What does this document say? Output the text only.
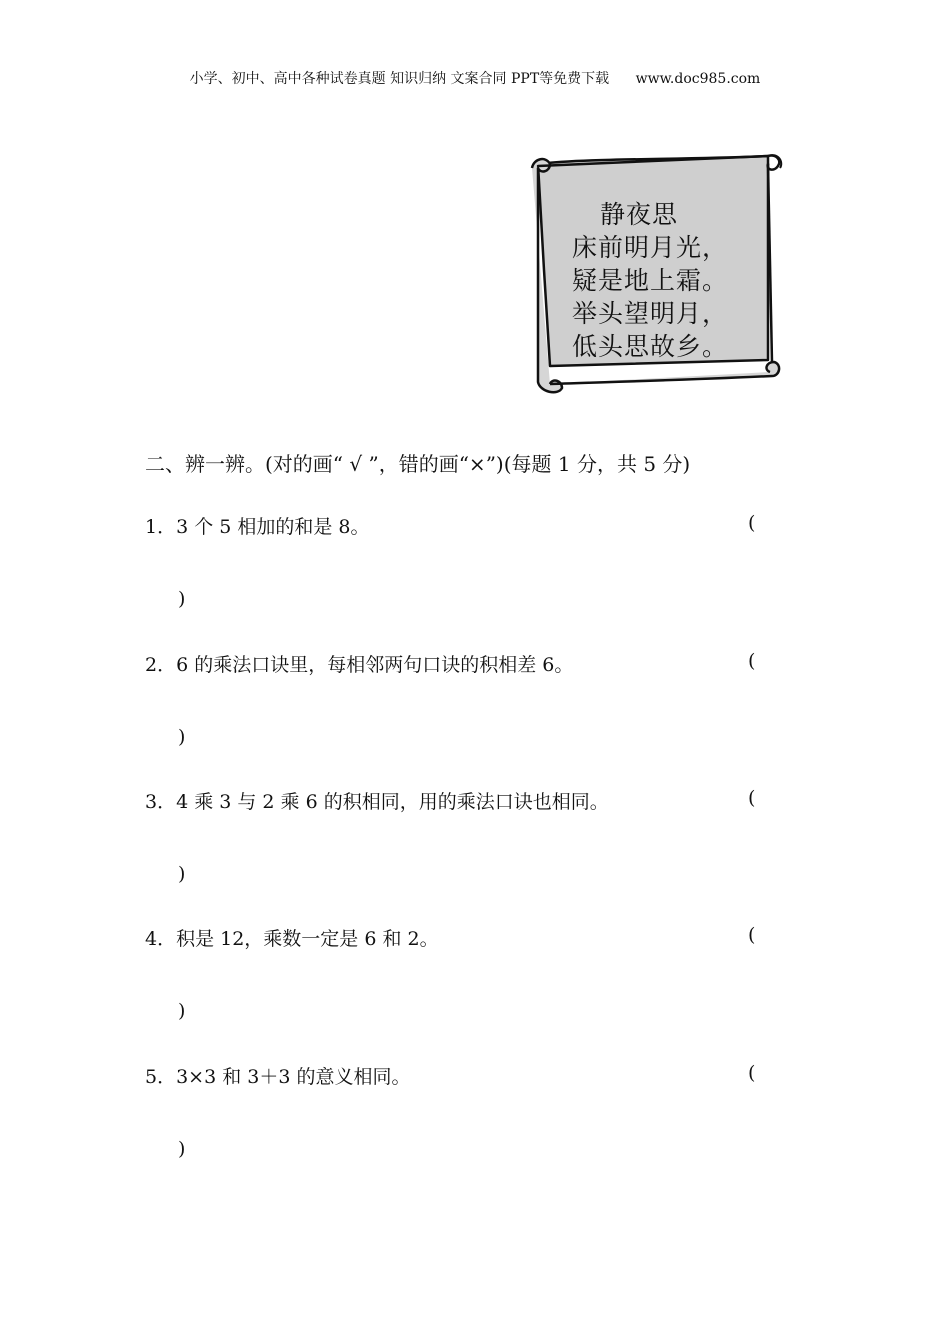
小学、初中、高中各种试卷真题 知识归纳 文案合同 PPT等免费下载 www.doc985.com
静夜思
床前明月光，
疑是地上霜。
举头望明月，
低头思故乡。
二、辨一辨。(对的画“ √ ”，错的画“×”)(每题 1 分，共 5 分)
1．3 个 5 相加的和是 8。	(
)
2．6 的乘法口诀里，每相邻两句口诀的积相差 6。	(
)
3．4 乘 3 与 2 乘 6 的积相同，用的乘法口诀也相同。	(
)
4．积是 12，乘数一定是 6 和 2。	(
)
5．3×3 和 3＋3 的意义相同。	(
)
